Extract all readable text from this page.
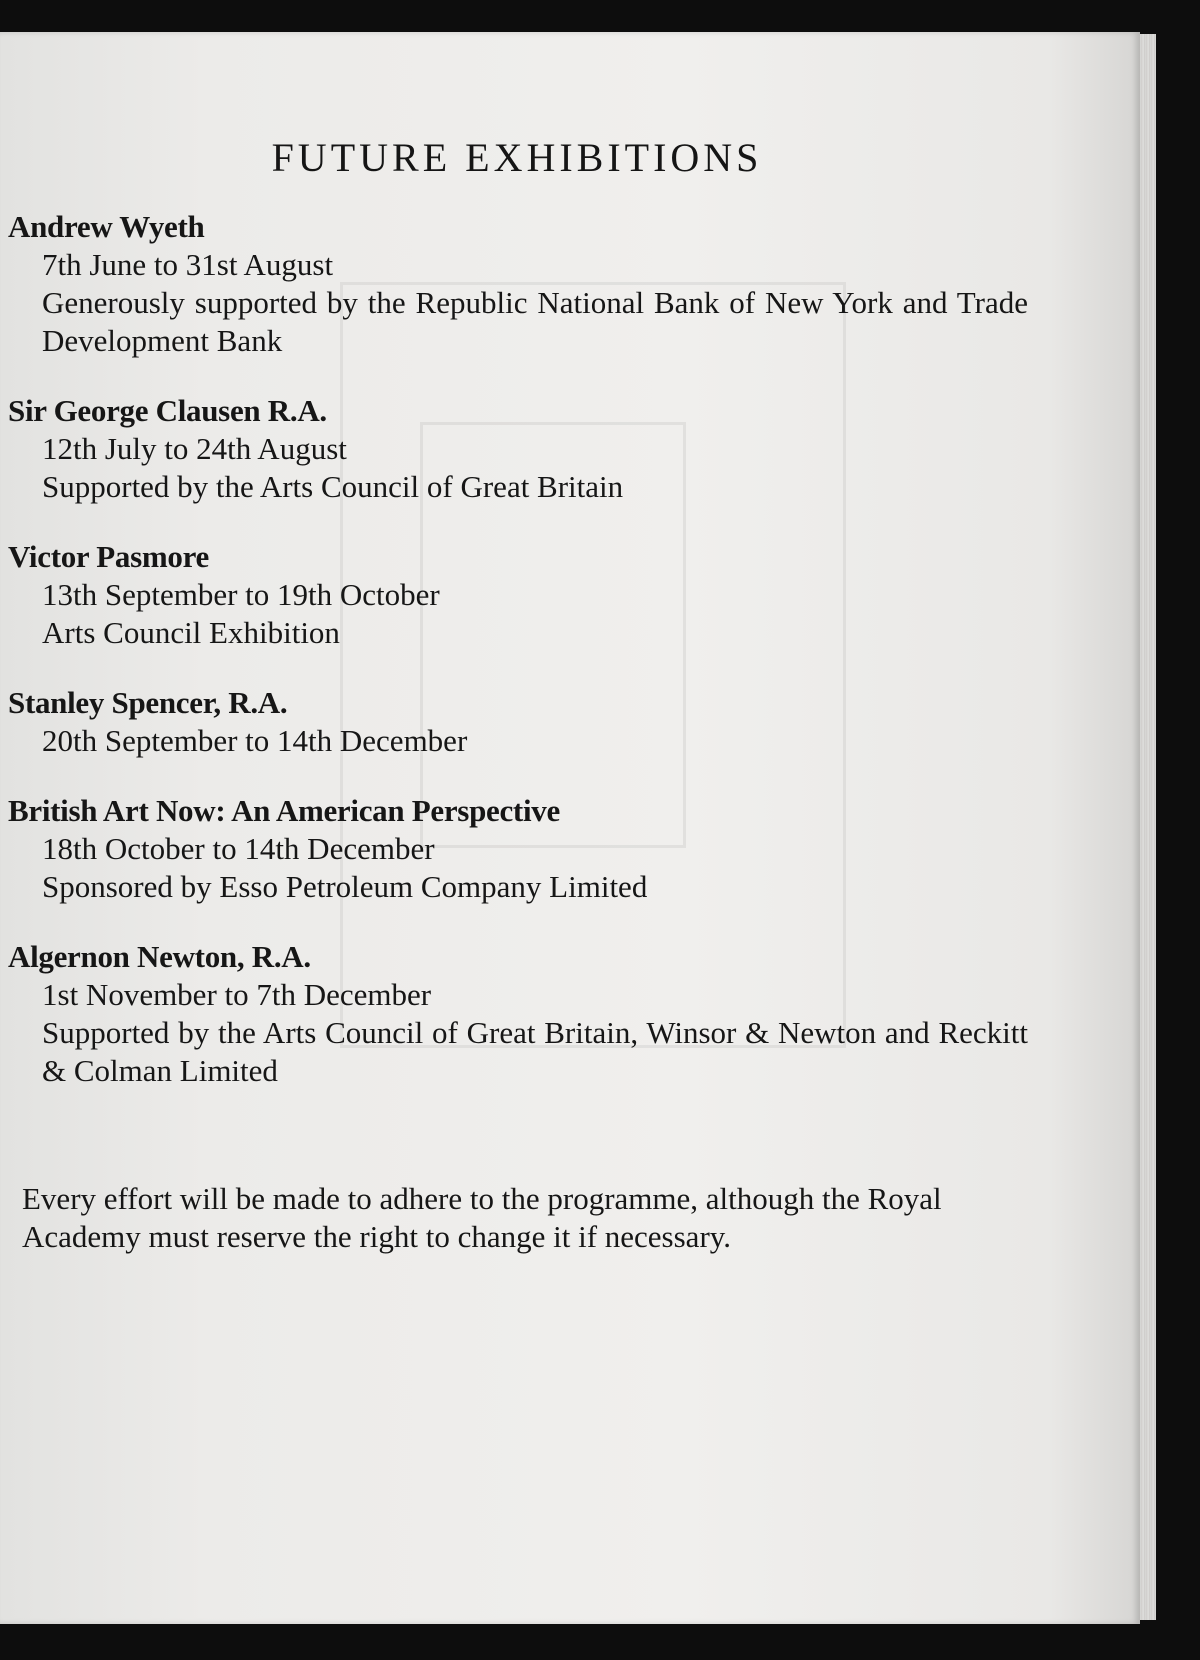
FUTURE EXHIBITIONS
Andrew Wyeth
7th June to 31st August
Generously supported by the Republic National Bank of New York and Trade Development Bank
Sir George Clausen R.A.
12th July to 24th August
Supported by the Arts Council of Great Britain
Victor Pasmore
13th September to 19th October
Arts Council Exhibition
Stanley Spencer, R.A.
20th September to 14th December
British Art Now: An American Perspective
18th October to 14th December
Sponsored by Esso Petroleum Company Limited
Algernon Newton, R.A.
1st November to 7th December
Supported by the Arts Council of Great Britain, Winsor & Newton and Reckitt & Colman Limited

Every effort will be made to adhere to the programme, although the Royal Academy must reserve the right to change it if necessary.
